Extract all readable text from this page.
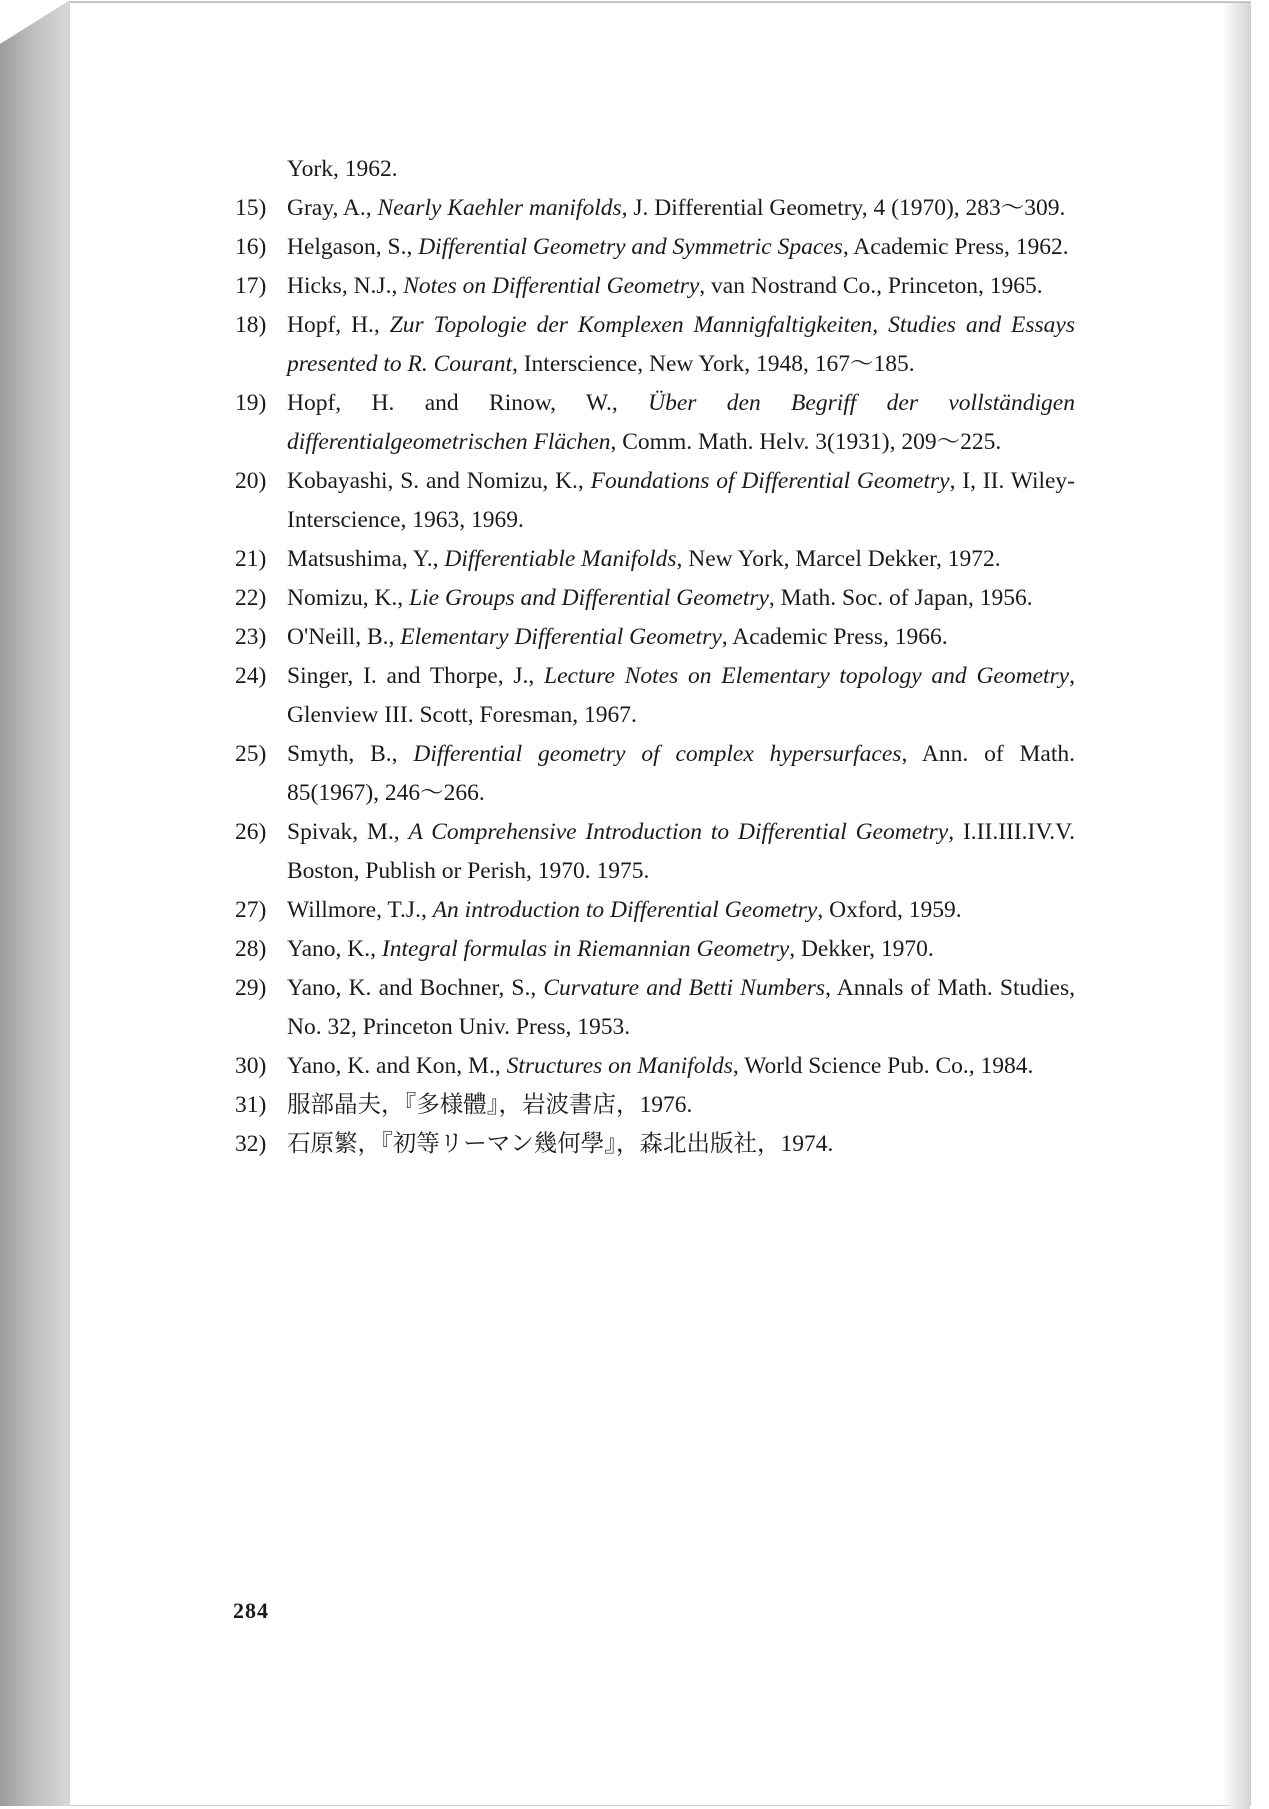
York, 1962.
15) Gray, A., Nearly Kaehler manifolds, J. Differential Geometry, 4 (1970), 283〜309.
16) Helgason, S., Differential Geometry and Symmetric Spaces, Academic Press, 1962.
17) Hicks, N.J., Notes on Differential Geometry, van Nostrand Co., Princeton, 1965.
18) Hopf, H., Zur Topologie der Komplexen Mannigfaltigkeiten, Studies and Essays presented to R. Courant, Interscience, New York, 1948, 167〜185.
19) Hopf, H. and Rinow, W., Über den Begriff der vollständigen differentialgeometrischen Flächen, Comm. Math. Helv. 3(1931), 209〜225.
20) Kobayashi, S. and Nomizu, K., Foundations of Differential Geometry, I, II. Wiley-Interscience, 1963, 1969.
21) Matsushima, Y., Differentiable Manifolds, New York, Marcel Dekker, 1972.
22) Nomizu, K., Lie Groups and Differential Geometry, Math. Soc. of Japan, 1956.
23) O'Neill, B., Elementary Differential Geometry, Academic Press, 1966.
24) Singer, I. and Thorpe, J., Lecture Notes on Elementary topology and Geometry, Glenview III. Scott, Foresman, 1967.
25) Smyth, B., Differential geometry of complex hypersurfaces, Ann. of Math. 85(1967), 246〜266.
26) Spivak, M., A Comprehensive Introduction to Differential Geometry, I.II.III.IV.V. Boston, Publish or Perish, 1970. 1975.
27) Willmore, T.J., An introduction to Differential Geometry, Oxford, 1959.
28) Yano, K., Integral formulas in Riemannian Geometry, Dekker, 1970.
29) Yano, K. and Bochner, S., Curvature and Betti Numbers, Annals of Math. Studies, No. 32, Princeton Univ. Press, 1953.
30) Yano, K. and Kon, M., Structures on Manifolds, World Science Pub. Co., 1984.
31) 服部晶夫，『多様體』，岩波書店，1976.
32) 石原繁，『初等リーマン幾何學』，森北出版社，1974.
284
